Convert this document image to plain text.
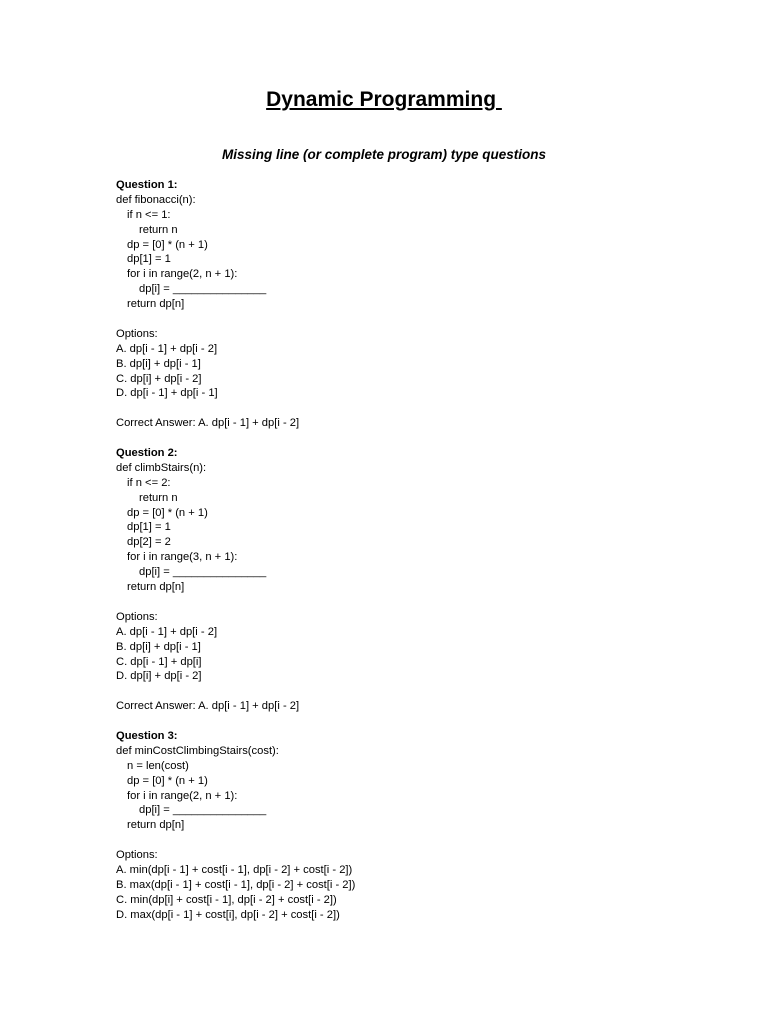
Dynamic Programming
Missing line (or complete program) type questions
Question 1:
def fibonacci(n):
if n <= 1:
return n
dp = [0] * (n + 1)
dp[1] = 1
for i in range(2, n + 1):
dp[i] = _______________
return dp[n]
Options:
A. dp[i - 1] + dp[i - 2]
B. dp[i] + dp[i - 1]
C. dp[i] + dp[i - 2]
D. dp[i - 1] + dp[i - 1]
Correct Answer: A. dp[i - 1] + dp[i - 2]
Question 2:
def climbStairs(n):
if n <= 2:
return n
dp = [0] * (n + 1)
dp[1] = 1
dp[2] = 2
for i in range(3, n + 1):
dp[i] = _______________
return dp[n]
Options:
A. dp[i - 1] + dp[i - 2]
B. dp[i] + dp[i - 1]
C. dp[i - 1] + dp[i]
D. dp[i] + dp[i - 2]
Correct Answer: A. dp[i - 1] + dp[i - 2]
Question 3:
def minCostClimbingStairs(cost):
n = len(cost)
dp = [0] * (n + 1)
for i in range(2, n + 1):
dp[i] = _______________
return dp[n]
Options:
A. min(dp[i - 1] + cost[i - 1], dp[i - 2] + cost[i - 2])
B. max(dp[i - 1] + cost[i - 1], dp[i - 2] + cost[i - 2])
C. min(dp[i] + cost[i - 1], dp[i - 2] + cost[i - 2])
D. max(dp[i - 1] + cost[i], dp[i - 2] + cost[i - 2])
